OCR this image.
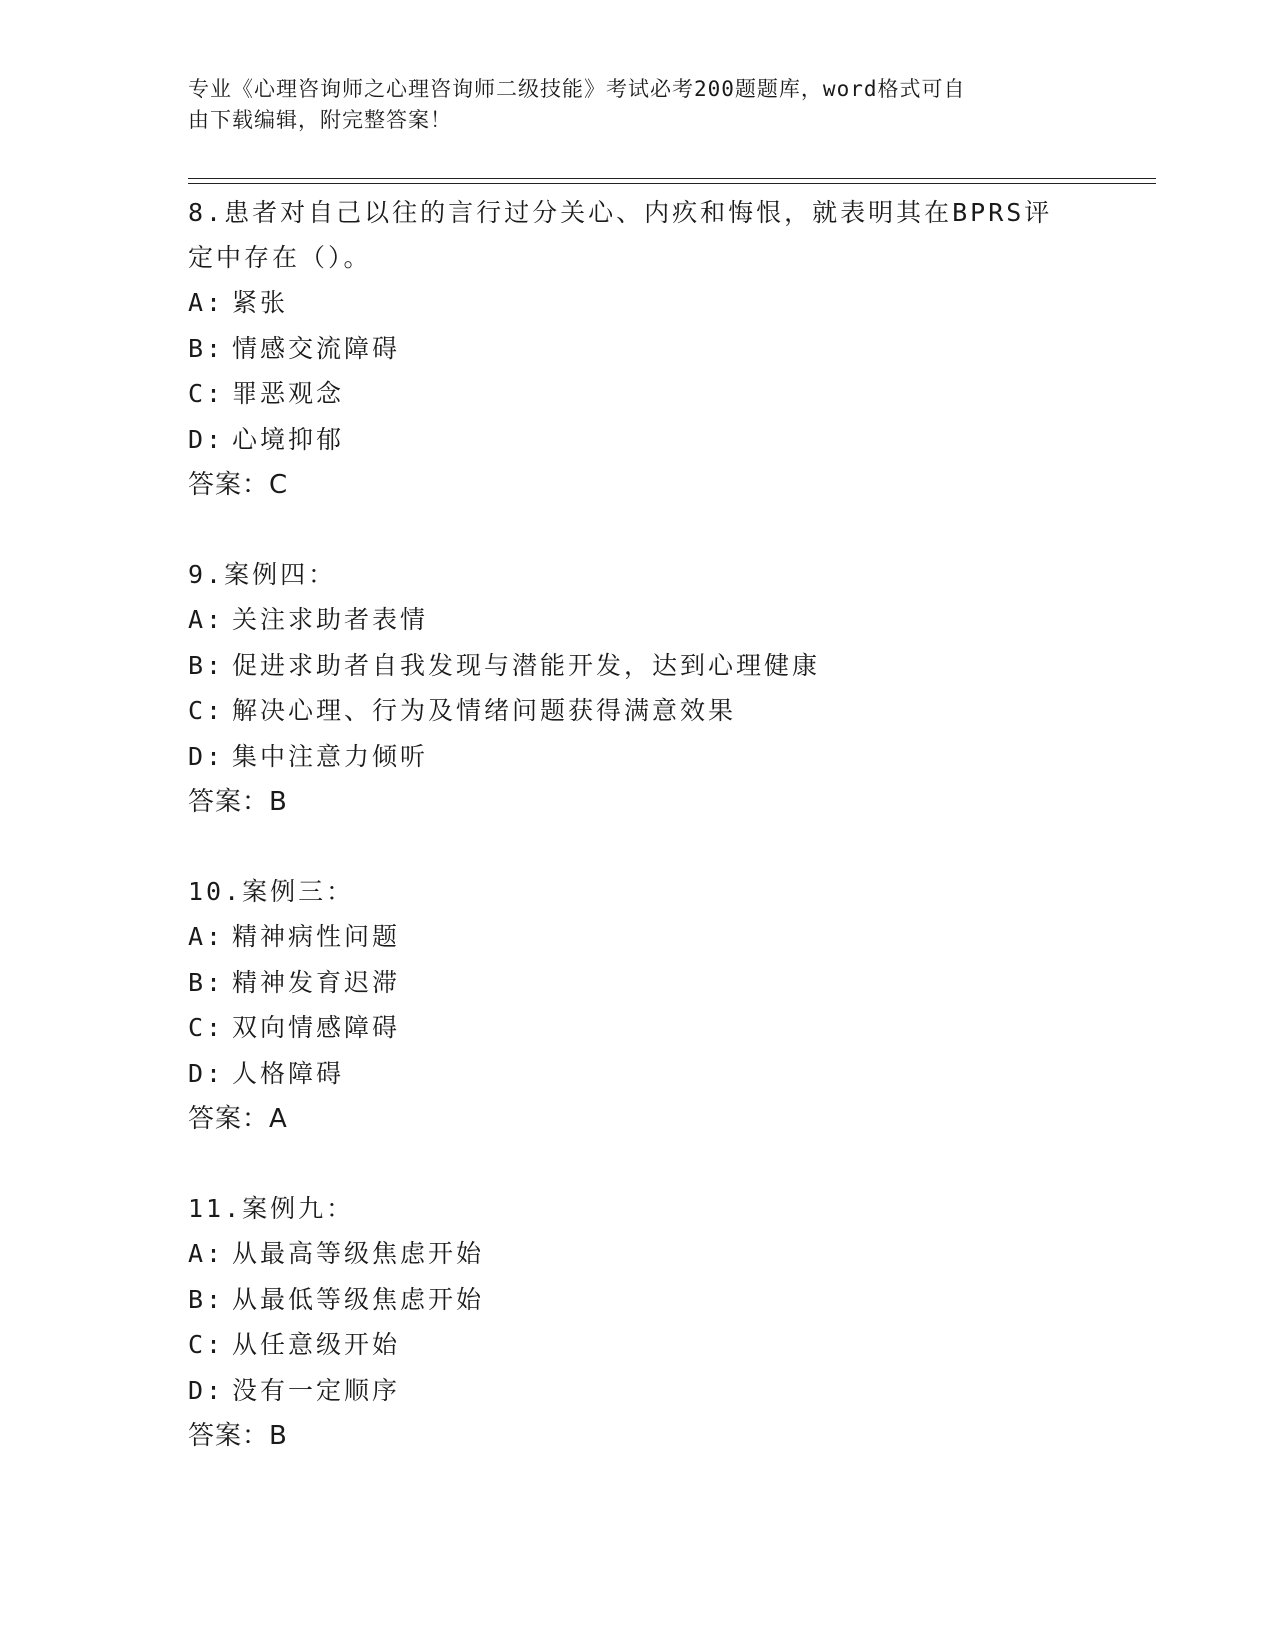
专业《心理咨询师之心理咨询师二级技能》考试必考200题题库，word格式可自

由下载编辑，附完整答案！

8.患者对自己以往的言行过分关心、内疚和悔恨，就表明其在BPRS评
定中存在（）。
A: 紧张
B: 情感交流障碍
C: 罪恶观念
D: 心境抑郁
答案：C
9.案例四：
A: 关注求助者表情
B: 促进求助者自我发现与潜能开发，达到心理健康
C: 解决心理、行为及情绪问题获得满意效果
D: 集中注意力倾听
答案：B
10.案例三：
A: 精神病性问题
B: 精神发育迟滞
C: 双向情感障碍
D: 人格障碍
答案：A
11.案例九：
A: 从最高等级焦虑开始
B: 从最低等级焦虑开始
C: 从任意级开始
D: 没有一定顺序
答案：B
